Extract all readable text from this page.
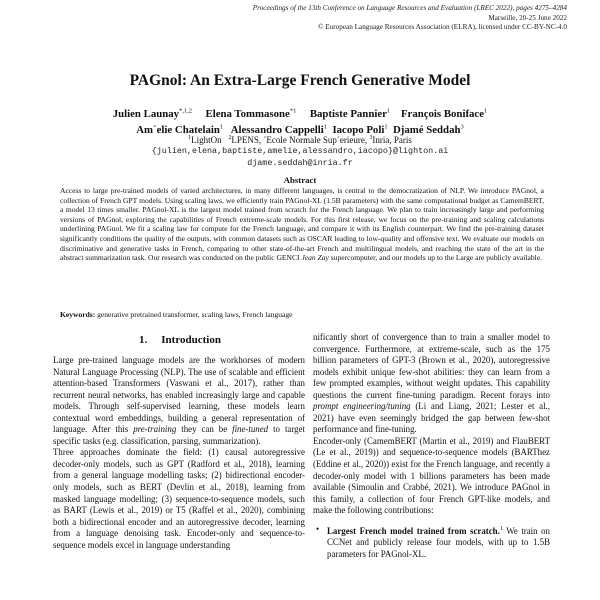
Proceedings of the 13th Conference on Language Resources and Evaluation (LREC 2022), pages 4275–4284
Marseille, 20-25 June 2022
© European Language Resources Association (ELRA), licensed under CC-BY-NC-4.0
PAGnol: An Extra-Large French Generative Model
Julien Launay$^{*,1,2}$ Elena Tommasone$^{*1}$ Baptiste Pannier$^1$ François Boniface$^1$
Am´elie Chatelain$^1$ Alessandro Cappelli$^1$ Iacopo Poli$^1$ Djamé Seddah$^3$
$^1$LightOn $^2$LPENS, ´Ecole Normale Sup´erieure, $^3$Inria, Paris
{julien,elena,baptiste,amelie,alessandro,iacopo}@lighton.ai
djame.seddah@inria.fr
Abstract
Access to large pre-trained models of varied architectures, in many different languages, is central to the democratization of NLP. We introduce PAGnol, a collection of French GPT models. Using scaling laws, we efficiently train PAGnol-XL (1.5B parameters) with the same computational budget as CamemBERT, a model 13 times smaller. PAGnol-XL is the largest model trained from scratch for the French language. We plan to train increasingly large and performing versions of PAGnol, exploring the capabilities of French extreme-scale models. For this first release, we focus on the pre-training and scaling calculations underlining PAGnol. We fit a scaling law for compute for the French language, and compare it with its English counterpart. We find the pre-training dataset significantly conditions the quality of the outputs, with common datasets such as OSCAR leading to low-quality and offensive text. We evaluate our models on discriminative and generative tasks in French, comparing to other state-of-the-art French and multilingual models, and reaching the state of the art in the abstract summarization task. Our research was conducted on the public GENCI Jean Zay supercomputer, and our models up to the Large are publicly available.
Keywords: generative pretrained transformer, scaling laws, French language
1. Introduction

Large pre-trained language models are the workhorses of modern Natural Language Processing (NLP). The use of scalable and efficient attention-based Transformers (Vaswani et al., 2017), rather than recurrent neural networks, has enabled increasingly large and capable models. Through self-supervised learning, these models learn contextual word embeddings, building a general representation of language. After this pre-training they can be fine-tuned to target specific tasks (e.g. classification, parsing, summarization).

Three approaches dominate the field: (1) causal autoregressive decoder-only models, such as GPT (Radford et al., 2018), learning from a general language modelling tasks; (2) bidirectional encoder-only models, such as BERT (Devlin et al., 2018), learning from masked language modelling; (3) sequence-to-sequence models, such as BART (Lewis et al., 2019) or T5 (Raffel et al., 2020), combining both a bidirectional encoder and an autoregressive decoder, learning from a language denoising task. Encoder-only and sequence-to-sequence models excel in language understanding

nificantly short of convergence than to train a smaller model to convergence. Furthermore, at extreme-scale, such as the 175 billion parameters of GPT-3 (Brown et al., 2020), autoregressive models exhibit unique few-shot abilities: they can learn from a few prompted examples, without weight updates. This capability questions the current fine-tuning paradigm. Recent forays into prompt engineering/tuning (Li and Liang, 2021; Lester et al., 2021) have even seemingly bridged the gap between few-shot performance and fine-tuning.

Encoder-only (CamemBERT (Martin et al., 2019) and FlauBERT (Le et al., 2019)) and sequence-to-sequence models (BARThez (Eddine et al., 2020)) exist for the French language, and recently a decoder-only model with 1 billions parameters has been made available (Simoulin and Crabbé, 2021). We introduce PAGnol in this family, a collection of four French GPT-like models, and make the following contributions:

• Largest French model trained from scratch.$^1$ We train on CCNet and publicly release four models, with up to 1.5B parameters for PAGnol-XL.
